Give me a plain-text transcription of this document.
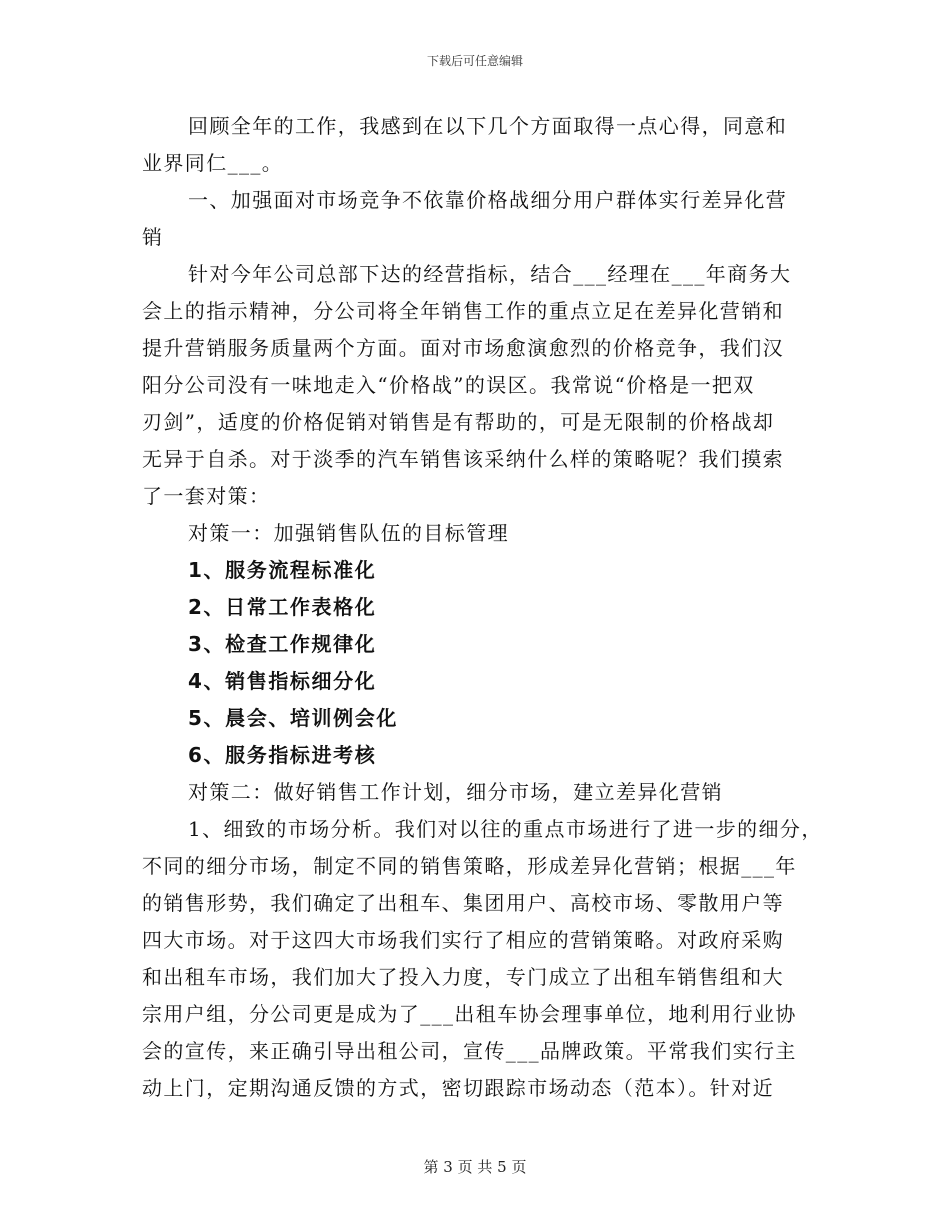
下载后可任意编辑
回顾全年的工作，我感到在以下几个方面取得一点心得，同意和
业界同仁___。
一、加强面对市场竞争不依靠价格战细分用户群体实行差异化营
销
针对今年公司总部下达的经营指标，结合___经理在___年商务大
会上的指示精神，分公司将全年销售工作的重点立足在差异化营销和
提升营销服务质量两个方面。面对市场愈演愈烈的价格竞争，我们汉
阳分公司没有一味地走入“价格战”的误区。我常说“价格是一把双
刃剑”，适度的价格促销对销售是有帮助的，可是无限制的价格战却
无异于自杀。对于淡季的汽车销售该采纳什么样的策略呢？我们摸索
了一套对策：
对策一：加强销售队伍的目标管理
1、服务流程标准化
2、日常工作表格化
3、检查工作规律化
4、销售指标细分化
5、晨会、培训例会化
6、服务指标进考核
对策二：做好销售工作计划，细分市场，建立差异化营销
1、细致的市场分析。我们对以往的重点市场进行了进一步的细分，
不同的细分市场，制定不同的销售策略，形成差异化营销；根据___年
的销售形势，我们确定了出租车、集团用户、高校市场、零散用户等
四大市场。对于这四大市场我们实行了相应的营销策略。对政府采购
和出租车市场，我们加大了投入力度，专门成立了出租车销售组和大
宗用户组，分公司更是成为了___出租车协会理事单位，地利用行业协
会的宣传，来正确引导出租公司，宣传___品牌政策。平常我们实行主
动上门，定期沟通反馈的方式，密切跟踪市场动态（范本）。针对近
第 3 页 共 5 页
